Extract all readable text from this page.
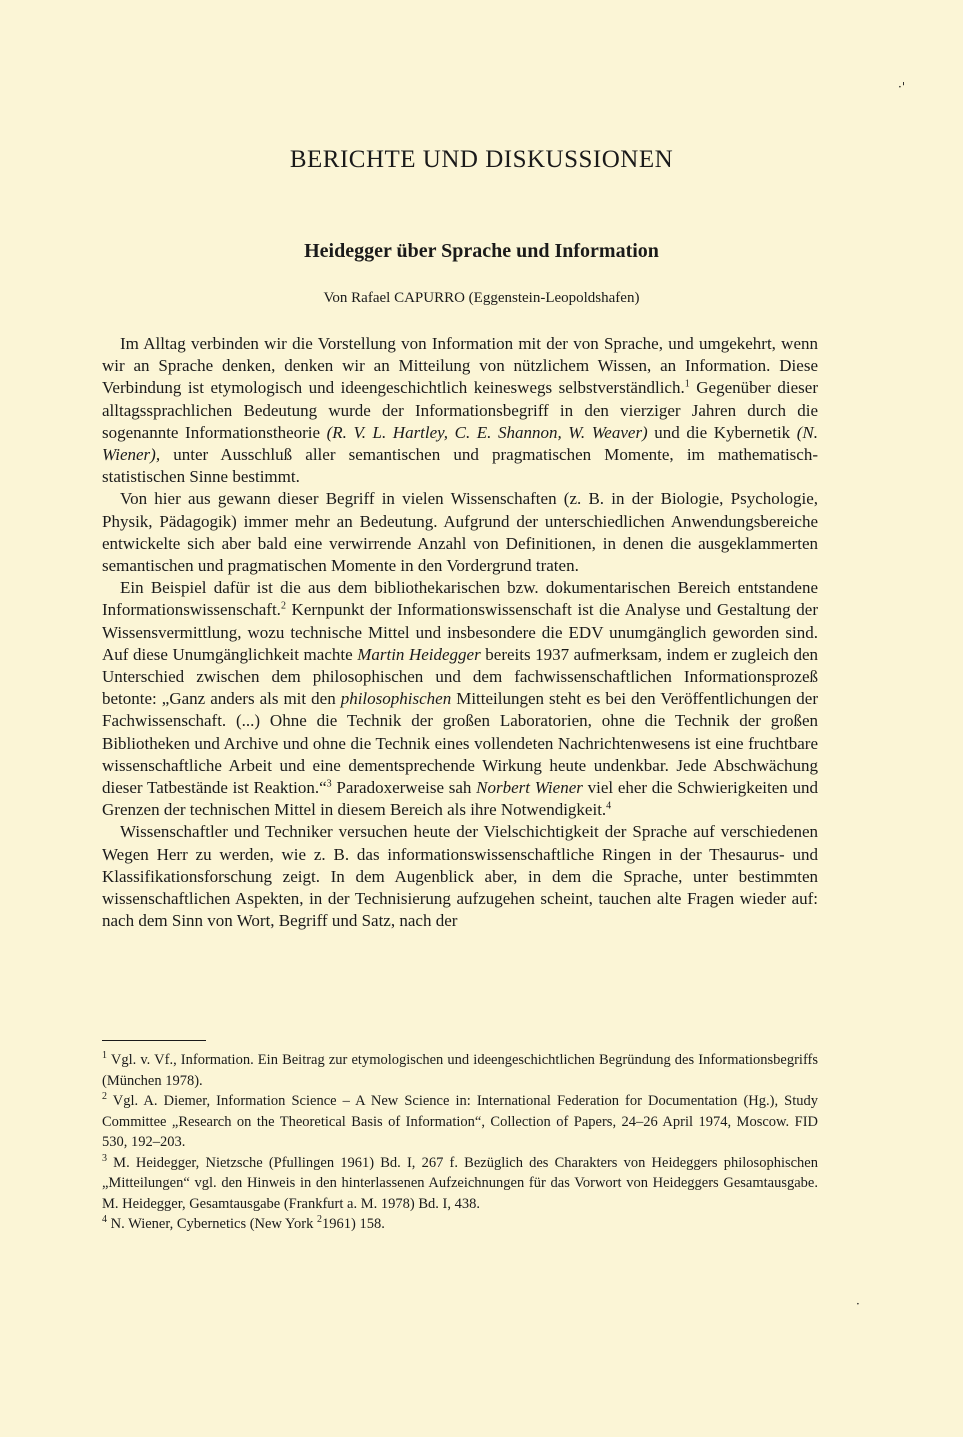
BERICHTE UND DISKUSSIONEN
Heidegger über Sprache und Information
Von Rafael CAPURRO (Eggenstein-Leopoldshafen)

Im Alltag verbinden wir die Vorstellung von Information mit der von Sprache, und umgekehrt, wenn wir an Sprache denken, denken wir an Mitteilung von nützlichem Wissen, an Information. Diese Verbindung ist etymologisch und ideengeschichtlich keineswegs selbstverständlich.$^1$ Gegenüber dieser alltagssprachlichen Bedeutung wurde der Informationsbegriff in den vierziger Jahren durch die sogenannte Informationstheorie (R. V. L. Hartley, C. E. Shannon, W. Weaver) und die Kybernetik (N. Wiener), unter Ausschluß aller semantischen und pragmatischen Momente, im mathematisch-statistischen Sinne bestimmt.

Von hier aus gewann dieser Begriff in vielen Wissenschaften (z. B. in der Biologie, Psychologie, Physik, Pädagogik) immer mehr an Bedeutung. Aufgrund der unterschiedlichen Anwendungsbereiche entwickelte sich aber bald eine verwirrende Anzahl von Definitionen, in denen die ausgeklammerten semantischen und pragmatischen Momente in den Vordergrund traten.

Ein Beispiel dafür ist die aus dem bibliothekarischen bzw. dokumentarischen Bereich entstandene Informationswissenschaft.$^2$ Kernpunkt der Informationswissenschaft ist die Analyse und Gestaltung der Wissensvermittlung, wozu technische Mittel und insbesondere die EDV unumgänglich geworden sind. Auf diese Unumgänglichkeit machte Martin Heidegger bereits 1937 aufmerksam, indem er zugleich den Unterschied zwischen dem philosophischen und dem fachwissenschaftlichen Informationsprozeß betonte: „Ganz anders als mit den philosophischen Mitteilungen steht es bei den Veröffentlichungen der Fachwissenschaft. (...) Ohne die Technik der großen Laboratorien, ohne die Technik der großen Bibliotheken und Archive und ohne die Technik eines vollendeten Nachrichtenwesens ist eine fruchtbare wissenschaftliche Arbeit und eine dementsprechende Wirkung heute undenkbar. Jede Abschwächung dieser Tatbestände ist Reaktion.“$^3$ Paradoxerweise sah Norbert Wiener viel eher die Schwierigkeiten und Grenzen der technischen Mittel in diesem Bereich als ihre Notwendigkeit.$^4$

Wissenschaftler und Techniker versuchen heute der Vielschichtigkeit der Sprache auf verschiedenen Wegen Herr zu werden, wie z. B. das informationswissenschaftliche Ringen in der Thesaurus- und Klassifikationsforschung zeigt. In dem Augenblick aber, in dem die Sprache, unter bestimmten wissenschaftlichen Aspekten, in der Technisierung aufzugehen scheint, tauchen alte Fragen wieder auf: nach dem Sinn von Wort, Begriff und Satz, nach der

$^1$ Vgl. v. Vf., Information. Ein Beitrag zur etymologischen und ideengeschichtlichen Begründung des Informationsbegriffs (München 1978).

$^2$ Vgl. A. Diemer, Information Science – A New Science in: International Federation for Documentation (Hg.), Study Committee „Research on the Theoretical Basis of Information“, Collection of Papers, 24–26 April 1974, Moscow. FID 530, 192–203.

$^3$ M. Heidegger, Nietzsche (Pfullingen 1961) Bd. I, 267 f. Bezüglich des Charakters von Heideggers philosophischen „Mitteilungen“ vgl. den Hinweis in den hinterlassenen Aufzeichnungen für das Vorwort von Heideggers Gesamtausgabe. M. Heidegger, Gesamtausgabe (Frankfurt a. M. 1978) Bd. I, 438.

$^4$ N. Wiener, Cybernetics (New York $^2$1961) 158.

·'
·
